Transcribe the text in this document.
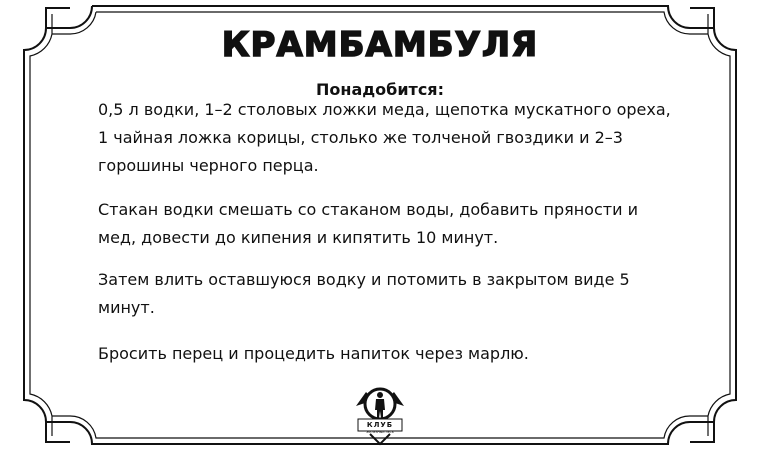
КРАМБАМБУЛЯ
Понадобится:

0,5 л водки, 1–2 столовых ложки меда, щепотка мускатного ореха, 1 чайная ложка корицы, столько же толченой гвоздики и 2–3 горошины черного перца.

Стакан водки смешать со стаканом воды, добавить пряности и мед, довести до кипения и кипятить 10 минут.

Затем влить оставшуюся водку и потомить в закрытом виде 5 минут.

Бросить перец и процедить напиток через марлю.

КЛУБ
ЖЕЛЕЗНЫЙ ЛЕСЬ
